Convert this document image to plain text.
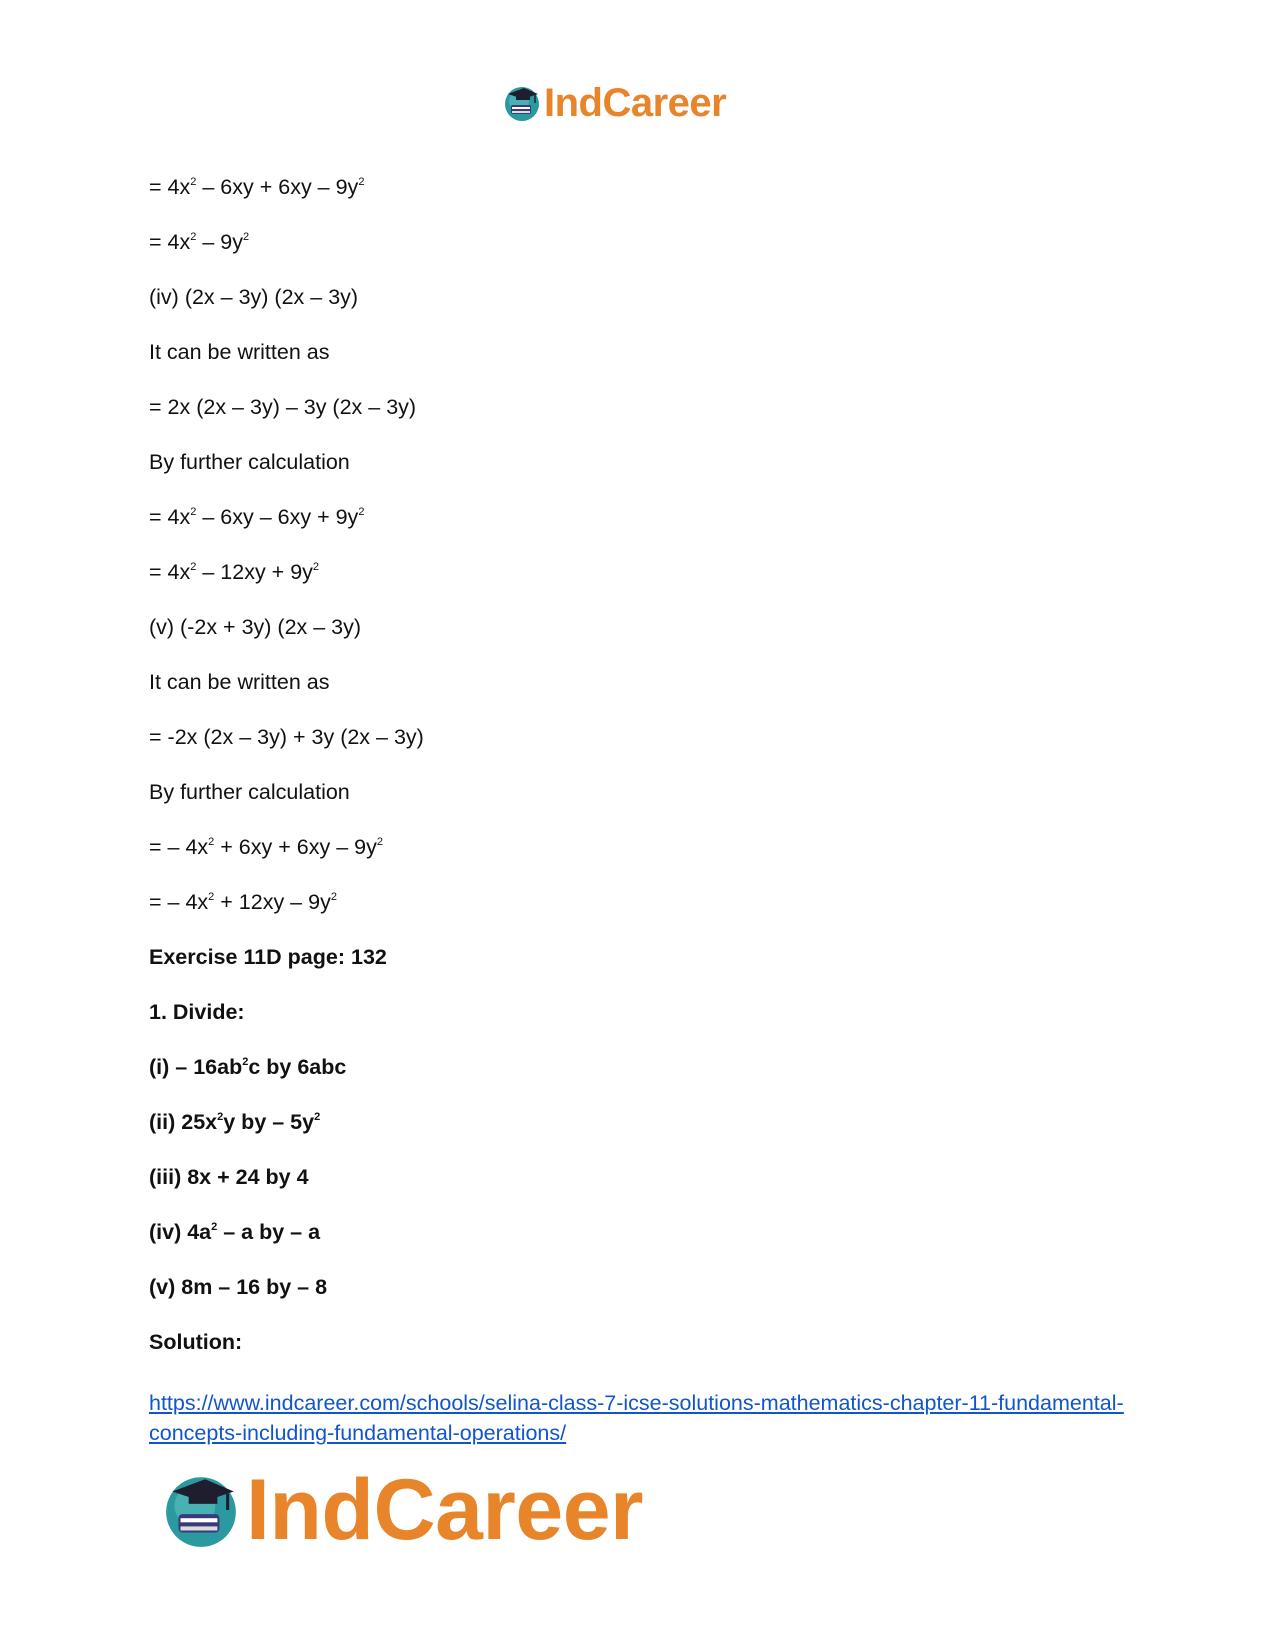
IndCareer

= $4x^2 - 6xy + 6xy - 9y^2$

= $4x^2 - 9y^2$

(iv) (2x – 3y) (2x – 3y)

It can be written as

= 2x (2x – 3y) – 3y (2x – 3y)

By further calculation

= $4x^2 - 6xy - 6xy + 9y^2$

= $4x^2 - 12xy + 9y^2$

(v) (-2x + 3y) (2x – 3y)

It can be written as

= -2x (2x – 3y) + 3y (2x – 3y)

By further calculation

= – $4x^2 + 6xy + 6xy - 9y^2$

= – $4x^2 + 12xy - 9y^2$

Exercise 11D page: 132

1. Divide:

$(i) - 16ab^2c$ by 6abc

(ii) $25x^2y$ by – $5y^2$

(iii) 8x + 24 by 4

(iv) $4a^2$ – a by – a

(v) 8m – 16 by – 8

Solution:

https://www.indcareer.com/schools/selina-class-7-icse-solutions-mathematics-chapter-11-fundamental-concepts-including-fundamental-operations/
IndCareer
